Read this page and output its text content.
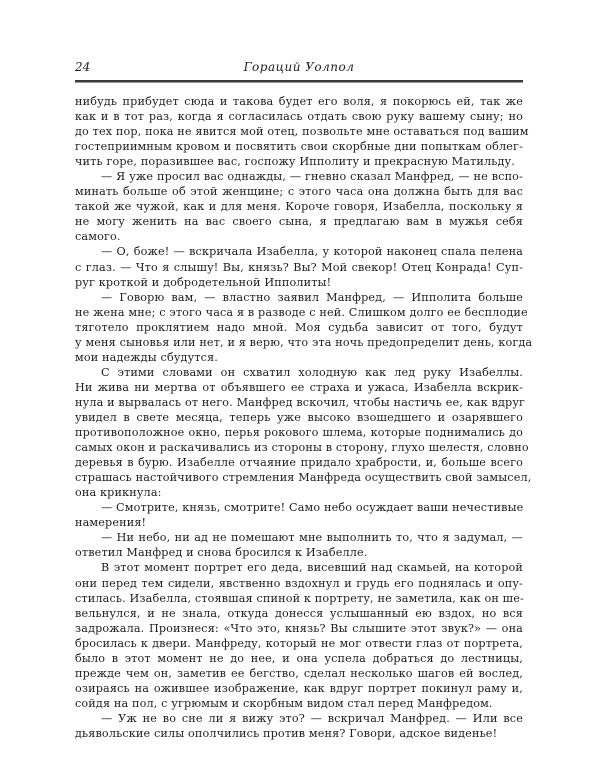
24	Гораций Уолпол
нибудь прибудет сюда и такова будет его воля, я покорюсь ей, так же
как и в тот раз, когда я согласилась отдать свою руку вашему сыну; но
до тех пор, пока не явится мой отец, позвольте мне оставаться под вашим
гостеприимным кровом и посвятить свои скорбные дни попыткам облег-
чить горе, поразившее вас, госпожу Ипполиту и прекрасную Матильду.
— Я уже просил вас однажды, — гневно сказал Манфред, — не вспо-
минать больше об этой женщине; с этого часа она должна быть для вас
такой же чужой, как и для меня. Короче говоря, Изабелла, поскольку я
не могу женить на вас своего сына, я предлагаю вам в мужья себя
самого.
— О, боже! — вскричала Изабелла, у которой наконец спала пелена
с глаз. — Что я слышу! Вы, князь? Вы? Мой свекор! Отец Конрада! Суп-
руг кроткой и добродетельной Ипполиты!
— Говорю вам, — властно заявил Манфред, — Ипполита больше
не жена мне; с этого часа я в разводе с ней. Слишком долго ее бесплодие
тяготело проклятием надо мной. Моя судьба зависит от того, будут
у меня сыновья или нет, и я верю, что эта ночь предопределит день, когда
мои надежды сбудутся.
С этими словами он схватил холодную как лед руку Изабеллы.
Ни жива ни мертва от объявшего ее страха и ужаса, Изабелла вскрик-
нула и вырвалась от него. Манфред вскочил, чтобы настичь ее, как вдруг
увидел в свете месяца, теперь уже высоко взошедшего и озарявшего
противоположное окно, перья рокового шлема, которые поднимались до
самых окон и раскачивались из стороны в сторону, глухо шелестя, словно
деревья в бурю. Изабелле отчаяние придало храбрости, и, больше всего
страшась настойчивого стремления Манфреда осуществить свой замысел,
она крикнула:
— Смотрите, князь, смотрите! Само небо осуждает ваши нечестивые
намерения!
— Ни небо, ни ад не помешают мне выполнить то, что я задумал, —
ответил Манфред и снова бросился к Изабелле.
В этот момент портрет его деда, висевший над скамьей, на которой
они перед тем сидели, явственно вздохнул и грудь его поднялась и опу-
стилась. Изабелла, стоявшая спиной к портрету, не заметила, как он ше-
вельнулся, и не знала, откуда донесся услышанный ею вздох, но вся
задрожала. Произнеся: «Что это, князь? Вы слышите этот звук?» — она
бросилась к двери. Манфреду, который не мог отвести глаз от портрета,
было в этот момент не до нее, и она успела добраться до лестницы,
прежде чем он, заметив ее бегство, сделал несколько шагов ей вослед,
озираясь на ожившее изображение, как вдруг портрет покинул раму и,
сойдя на пол, с угрюмым и скорбным видом стал перед Манфредом.
— Уж не во сне ли я вижу это? — вскричал Манфред. — Или все
дьявольские силы ополчились против меня? Говори, адское виденье!
